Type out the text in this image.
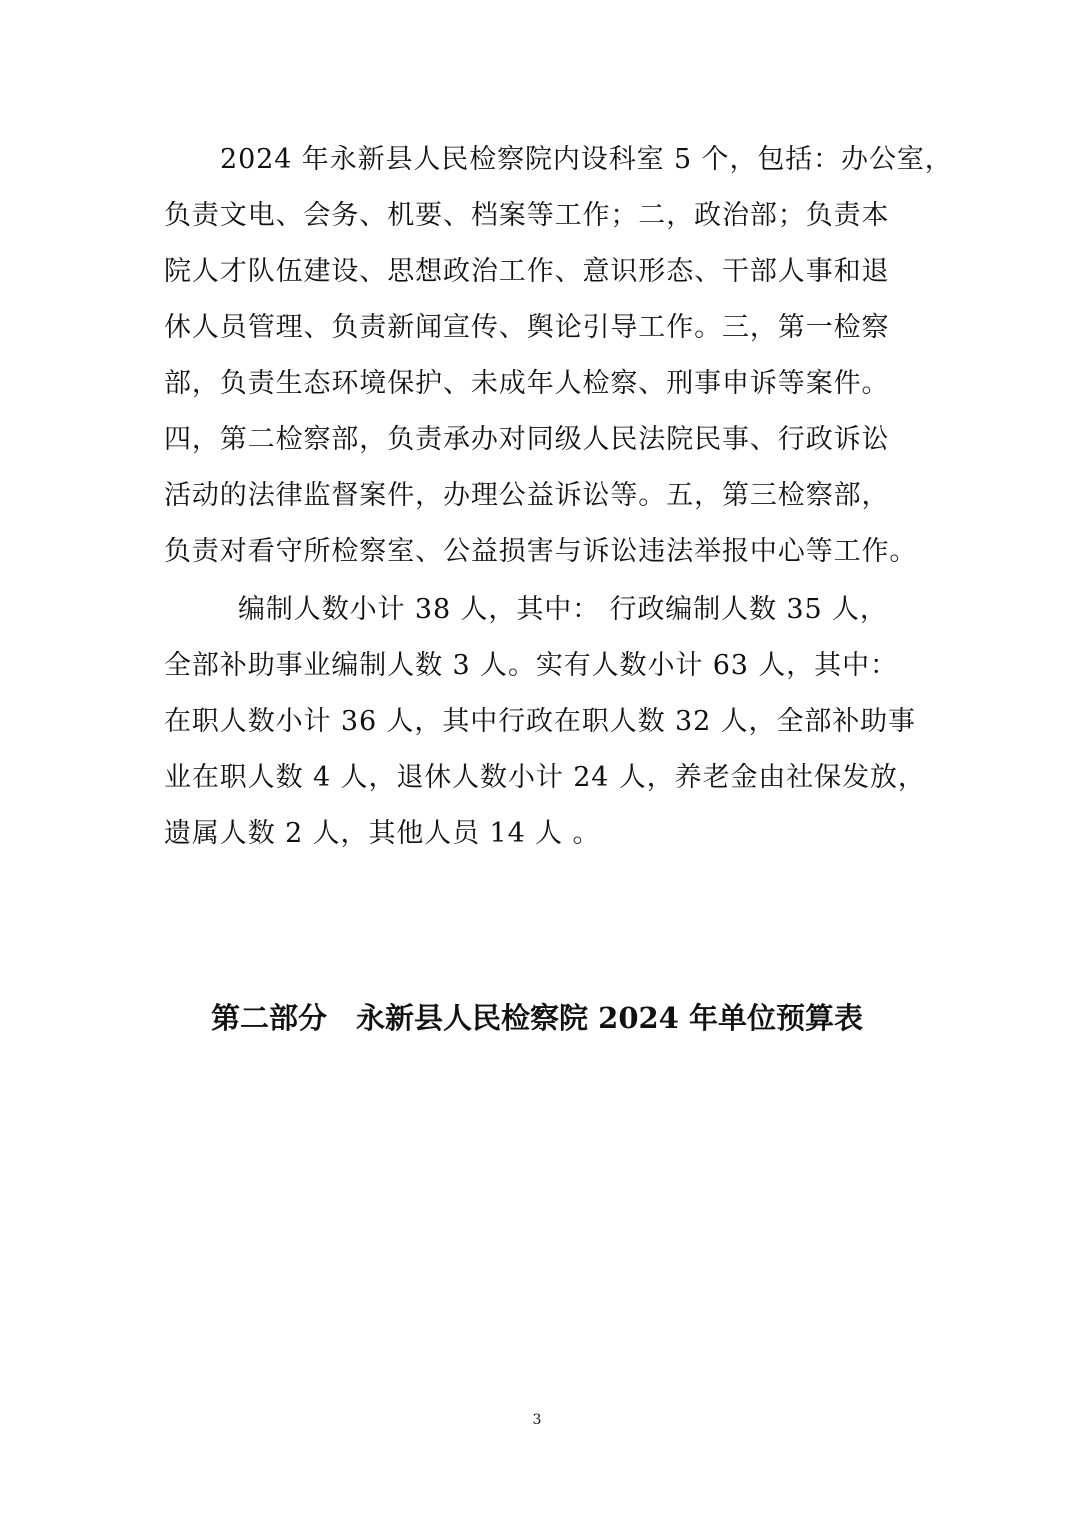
2024 年永新县人民检察院内设科室 5 个，包括：办公室，
负责文电、会务、机要、档案等工作；二，政治部；负责本
院人才队伍建设、思想政治工作、意识形态、干部人事和退
休人员管理、负责新闻宣传、舆论引导工作。三，第一检察
部，负责生态环境保护、未成年人检察、刑事申诉等案件。
四，第二检察部，负责承办对同级人民法院民事、行政诉讼
活动的法律监督案件，办理公益诉讼等。五，第三检察部，
负责对看守所检察室、公益损害与诉讼违法举报中心等工作。
编制人数小计 38 人，其中： 行政编制人数 35 人，
全部补助事业编制人数 3 人。实有人数小计 63 人，其中：
在职人数小计 36 人，其中行政在职人数 32 人，全部补助事
业在职人数 4 人，退休人数小计 24 人，养老金由社保发放，
遗属人数 2 人，其他人员 14 人 。
第二部分　永新县人民检察院 2024 年单位预算表
3
